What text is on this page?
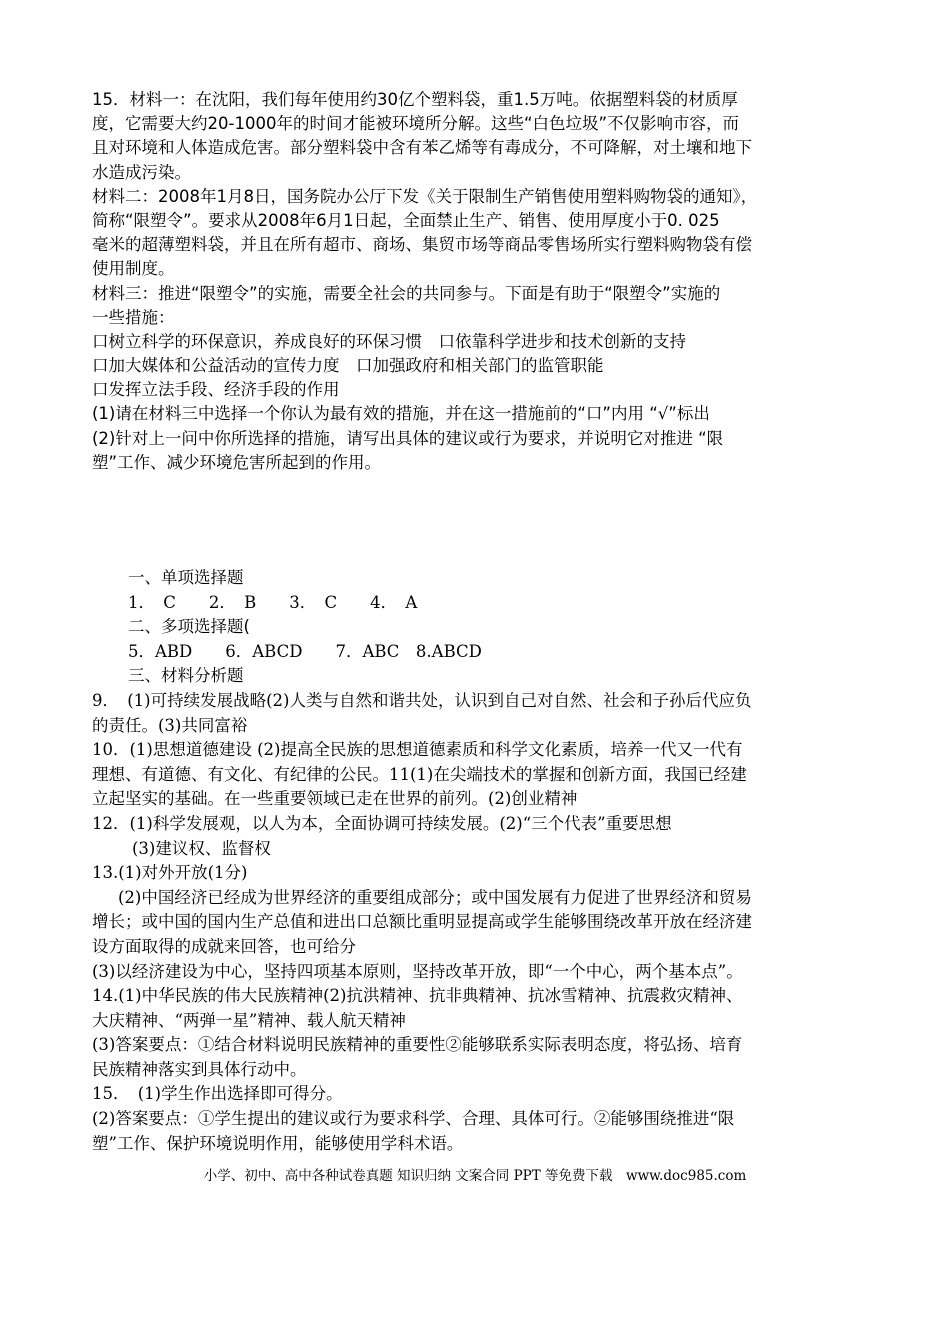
15．材料一：在沈阳，我们每年使用约30亿个塑料袋，重1.5万吨。依据塑料袋的材质厚
度，它需要大约20-1000年的时间才能被环境所分解。这些“白色垃圾”不仅影响市容，而
且对环境和人体造成危害。部分塑料袋中含有苯乙烯等有毒成分，不可降解，对土壤和地下
水造成污染。
材料二：2008年1月8日，国务院办公厅下发《关于限制生产销售使用塑料购物袋的通知》，
简称“限塑令”。要求从2008年6月1日起，全面禁止生产、销售、使用厚度小于0. 025
毫米的超薄塑料袋，并且在所有超市、商场、集贸市场等商品零售场所实行塑料购物袋有偿
使用制度。
材料三：推进“限塑令”的实施，需要全社会的共同参与。下面是有助于“限塑令”实施的
一些措施：
口树立科学的环保意识，养成良好的环保习惯　口依靠科学进步和技术创新的支持
口加大媒体和公益活动的宣传力度　口加强政府和相关部门的监管职能
口发挥立法手段、经济手段的作用
(1)请在材料三中选择一个你认为最有效的措施，并在这一措施前的“口”内用 “√”标出
(2)针对上一问中你所选择的措施，请写出具体的建议或行为要求，并说明它对推进 “限
塑”工作、减少环境危害所起到的作用。
一、单项选择题
1．　C　　2．　B　　3．　C　　4．　A
二、多项选择题(
5．ABD　　6．ABCD　　7．ABC　8.ABCD
三、材料分析题
9．　(1)可持续发展战略(2)人类与自然和谐共处，认识到自己对自然、社会和子孙后代应负
的责任。(3)共同富裕
10．(1)思想道德建设 (2)提高全民族的思想道德素质和科学文化素质，培养一代又一代有
理想、有道德、有文化、有纪律的公民。11(1)在尖端技术的掌握和创新方面，我国已经建
立起坚实的基础。在一些重要领域已走在世界的前列。(2)创业精神
12．(1)科学发展观，以人为本，全面协调可持续发展。(2)“三个代表”重要思想
(3)建议权、监督权
13.(1)对外开放(1分)
(2)中国经济已经成为世界经济的重要组成部分；或中国发展有力促进了世界经济和贸易
增长；或中国的国内生产总值和进出口总额比重明显提高或学生能够围绕改革开放在经济建
设方面取得的成就来回答，也可给分
(3)以经济建设为中心，坚持四项基本原则，坚持改革开放，即“一个中心，两个基本点”。
14.(1)中华民族的伟大民族精神(2)抗洪精神、抗非典精神、抗冰雪精神、抗震救灾精神、
大庆精神、“两弹一星”精神、载人航天精神
(3)答案要点：①结合材料说明民族精神的重要性②能够联系实际表明态度，将弘扬、培育
民族精神落实到具体行动中。
15．　(1)学生作出选择即可得分。
(2)答案要点：①学生提出的建议或行为要求科学、合理、具体可行。②能够围绕推进“限
塑”工作、保护环境说明作用，能够使用学科术语。
小学、初中、高中各种试卷真题 知识归纳 文案合同 PPT 等免费下载　www.doc985.com
